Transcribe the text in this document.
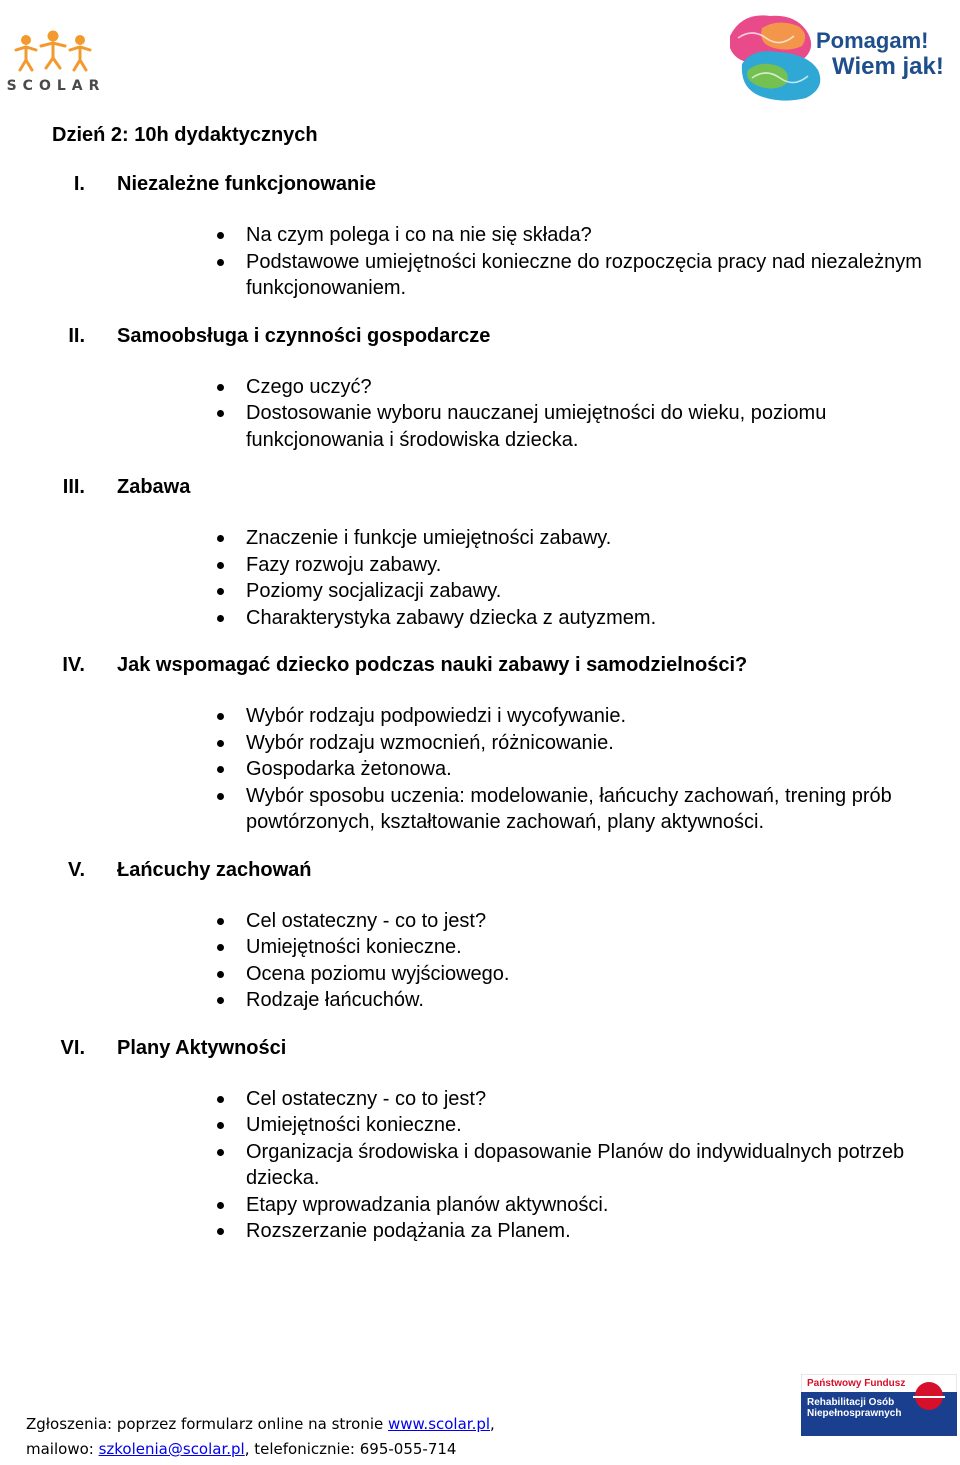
SCOLAR
Pomagam!
Wiem jak!

Dzień 2: 10h dydaktycznych

I. Niezależne funkcjonowanie
Na czym polega i co na nie się składa?
Podstawowe umiejętności konieczne do rozpoczęcia pracy nad niezależnym funkcjonowaniem.
II. Samoobsługa i czynności gospodarcze
Czego uczyć?
Dostosowanie wyboru nauczanej umiejętności do wieku, poziomu funkcjonowania i środowiska dziecka.
III. Zabawa
Znaczenie i funkcje umiejętności zabawy.
Fazy rozwoju zabawy.
Poziomy socjalizacji zabawy.
Charakterystyka zabawy dziecka z autyzmem.
IV. Jak wspomagać dziecko podczas nauki zabawy i samodzielności?
Wybór rodzaju podpowiedzi i wycofywanie.
Wybór rodzaju wzmocnień, różnicowanie.
Gospodarka żetonowa.
Wybór sposobu uczenia: modelowanie, łańcuchy zachowań, trening prób powtórzonych, kształtowanie zachowań, plany aktywności.
V. Łańcuchy zachowań
Cel ostateczny - co to jest?
Umiejętności konieczne.
Ocena poziomu wyjściowego.
Rodzaje łańcuchów.
VI. Plany Aktywności
Cel ostateczny - co to jest?
Umiejętności konieczne.
Organizacja środowiska i dopasowanie Planów do indywidualnych potrzeb dziecka.
Etapy wprowadzania planów aktywności.
Rozszerzanie podążania za Planem.
Państwowy Fundusz
Rehabilitacji Osób
Niepełnosprawnych
Zgłoszenia: poprzez formularz online na stronie www.scolar.pl,
mailowo: szkolenia@scolar.pl, telefonicznie: 695-055-714
